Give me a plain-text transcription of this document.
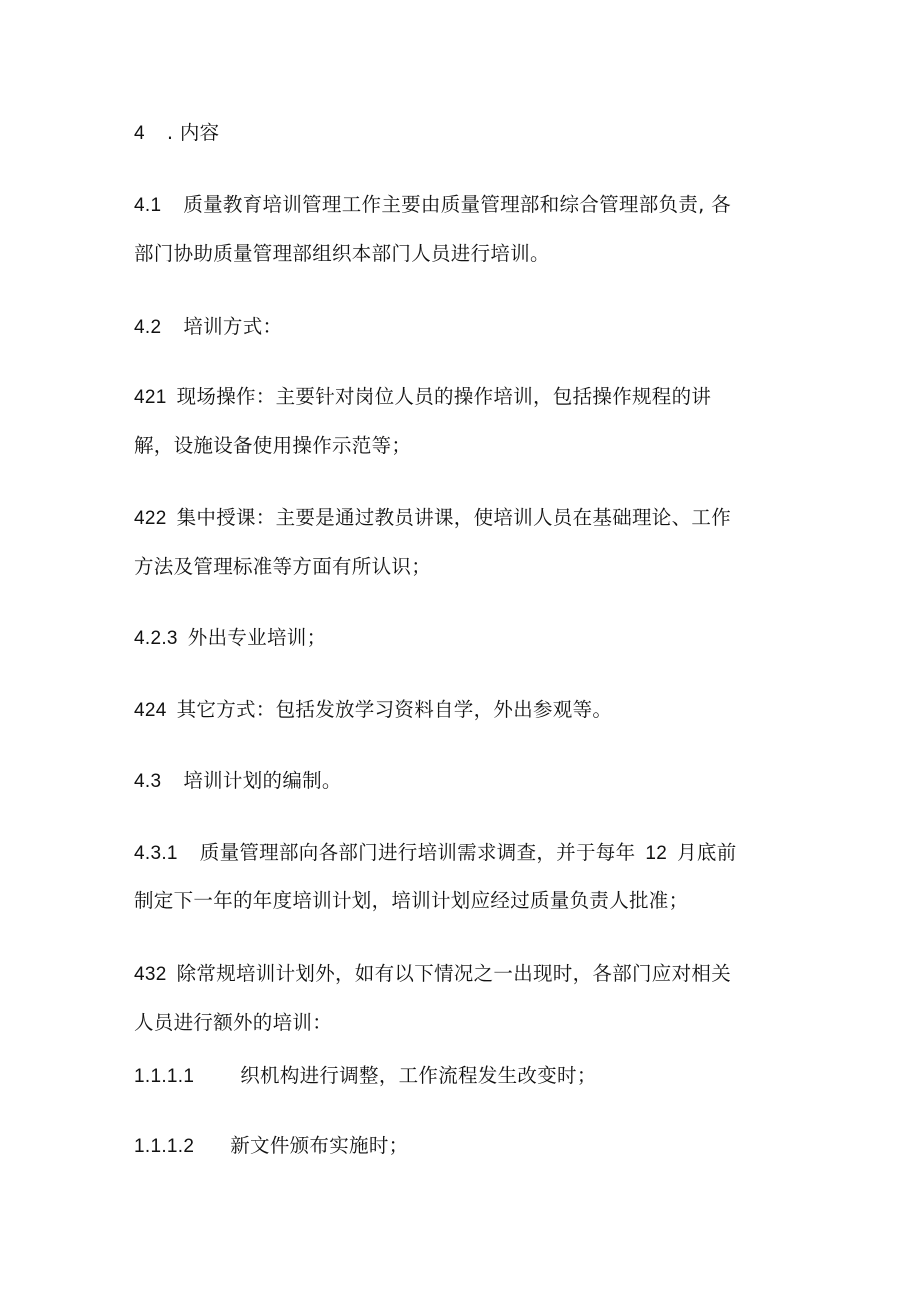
4 . 内容
4.1 质量教育培训管理工作主要由质量管理部和综合管理部负责, 各
部门协助质量管理部组织本部门人员进行培训。
4.2 培训方式：
421 现场操作：主要针对岗位人员的操作培训，包括操作规程的讲
解，设施设备使用操作示范等；
422 集中授课：主要是通过教员讲课，使培训人员在基础理论、工作
方法及管理标准等方面有所认识；
4.2.3 外出专业培训；
424 其它方式：包括发放学习资料自学，外出参观等。
4.3 培训计划的编制。
4.3.1 质量管理部向各部门进行培训需求调查，并于每年 12 月底前
制定下一年的年度培训计划，培训计划应经过质量负责人批准；
432 除常规培训计划外，如有以下情况之一出现时，各部门应对相关
人员进行额外的培训：
1.1.1.1 织机构进行调整，工作流程发生改变时；
1.1.1.2 新文件颁布实施时；
